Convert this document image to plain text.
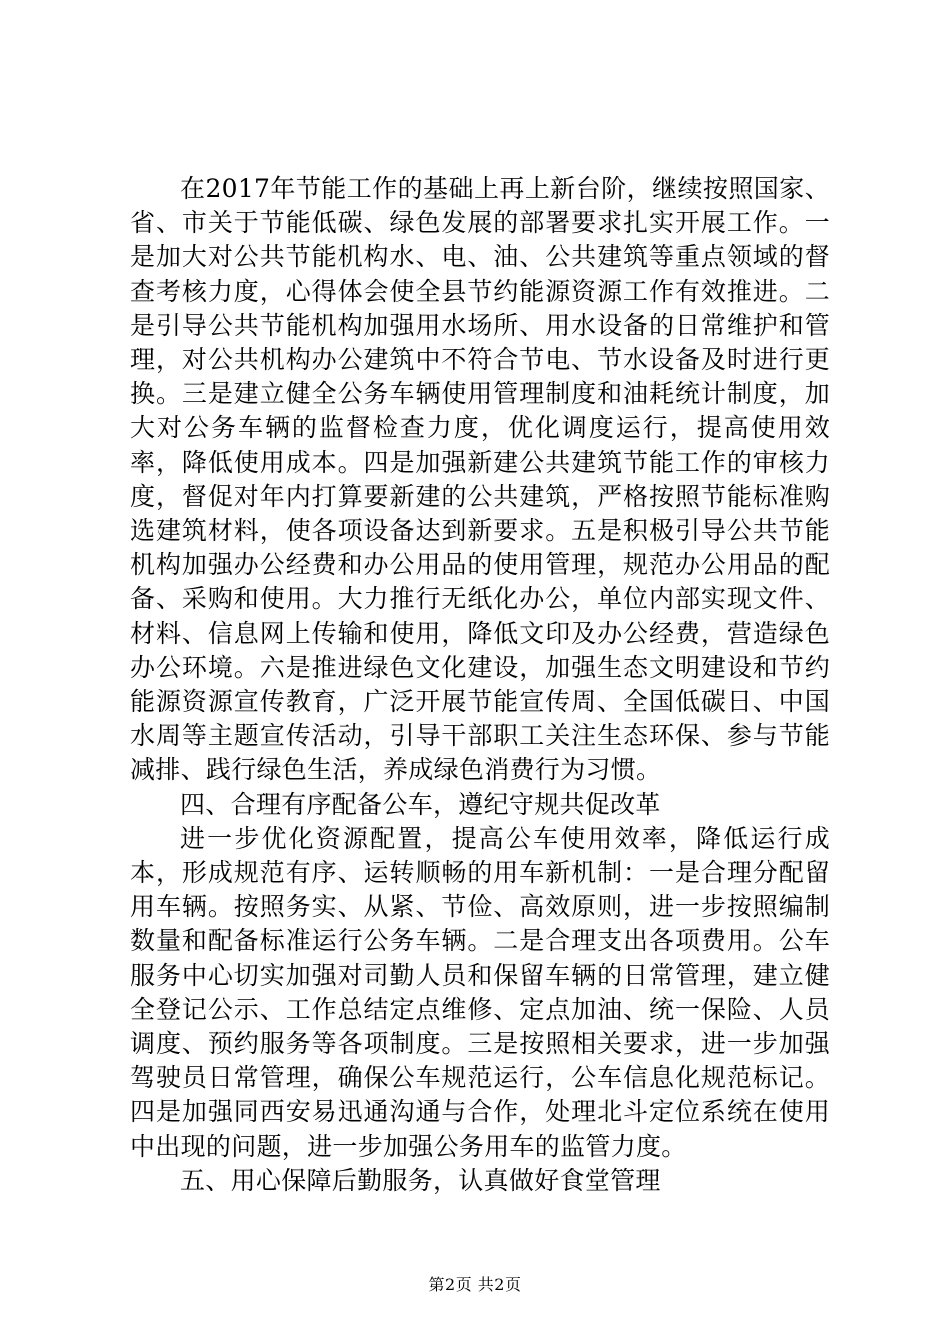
在2017年节能工作的基础上再上新台阶，继续按照国家、省、市关于节能低碳、绿色发展的部署要求扎实开展工作。一是加大对公共节能机构水、电、油、公共建筑等重点领域的督查考核力度，心得体会使全县节约能源资源工作有效推进。二是引导公共节能机构加强用水场所、用水设备的日常维护和管理，对公共机构办公建筑中不符合节电、节水设备及时进行更换。三是建立健全公务车辆使用管理制度和油耗统计制度，加大对公务车辆的监督检查力度，优化调度运行，提高使用效率，降低使用成本。四是加强新建公共建筑节能工作的审核力度，督促对年内打算要新建的公共建筑，严格按照节能标准购选建筑材料，使各项设备达到新要求。五是积极引导公共节能机构加强办公经费和办公用品的使用管理，规范办公用品的配备、采购和使用。大力推行无纸化办公，单位内部实现文件、材料、信息网上传输和使用，降低文印及办公经费，营造绿色办公环境。六是推进绿色文化建设，加强生态文明建设和节约能源资源宣传教育，广泛开展节能宣传周、全国低碳日、中国水周等主题宣传活动，引导干部职工关注生态环保、参与节能减排、践行绿色生活，养成绿色消费行为习惯。

四、合理有序配备公车，遵纪守规共促改革

进一步优化资源配置，提高公车使用效率，降低运行成本，形成规范有序、运转顺畅的用车新机制：一是合理分配留用车辆。按照务实、从紧、节俭、高效原则，进一步按照编制数量和配备标准运行公务车辆。二是合理支出各项费用。公车服务中心切实加强对司勤人员和保留车辆的日常管理，建立健全登记公示、工作总结定点维修、定点加油、统一保险、人员调度、预约服务等各项制度。三是按照相关要求，进一步加强驾驶员日常管理，确保公车规范运行，公车信息化规范标记。四是加强同西安易迅通沟通与合作，处理北斗定位系统在使用中出现的问题，进一步加强公务用车的监管力度。

五、用心保障后勤服务，认真做好食堂管理

第2页 共2页
